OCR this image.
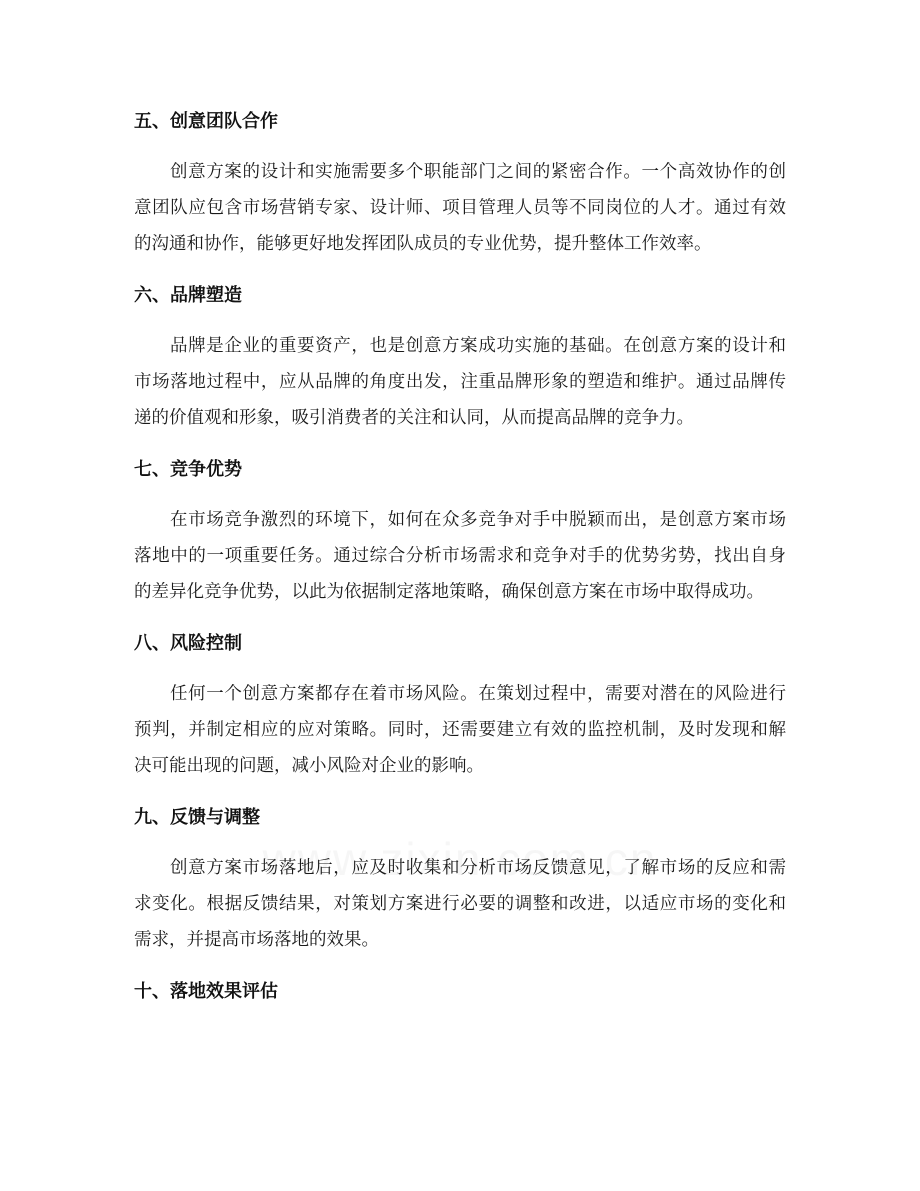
五、创意团队合作
创意方案的设计和实施需要多个职能部门之间的紧密合作。一个高效协作的创
意团队应包含市场营销专家、设计师、项目管理人员等不同岗位的人才。通过有效
的沟通和协作，能够更好地发挥团队成员的专业优势，提升整体工作效率。
六、品牌塑造
品牌是企业的重要资产，也是创意方案成功实施的基础。在创意方案的设计和
市场落地过程中，应从品牌的角度出发，注重品牌形象的塑造和维护。通过品牌传
递的价值观和形象，吸引消费者的关注和认同，从而提高品牌的竞争力。
七、竞争优势
在市场竞争激烈的环境下，如何在众多竞争对手中脱颖而出，是创意方案市场
落地中的一项重要任务。通过综合分析市场需求和竞争对手的优势劣势，找出自身
的差异化竞争优势，以此为依据制定落地策略，确保创意方案在市场中取得成功。
八、风险控制
任何一个创意方案都存在着市场风险。在策划过程中，需要对潜在的风险进行
预判，并制定相应的应对策略。同时，还需要建立有效的监控机制，及时发现和解
决可能出现的问题，减小风险对企业的影响。
九、反馈与调整
创意方案市场落地后，应及时收集和分析市场反馈意见，了解市场的反应和需
求变化。根据反馈结果，对策划方案进行必要的调整和改进，以适应市场的变化和
需求，并提高市场落地的效果。
十、落地效果评估
